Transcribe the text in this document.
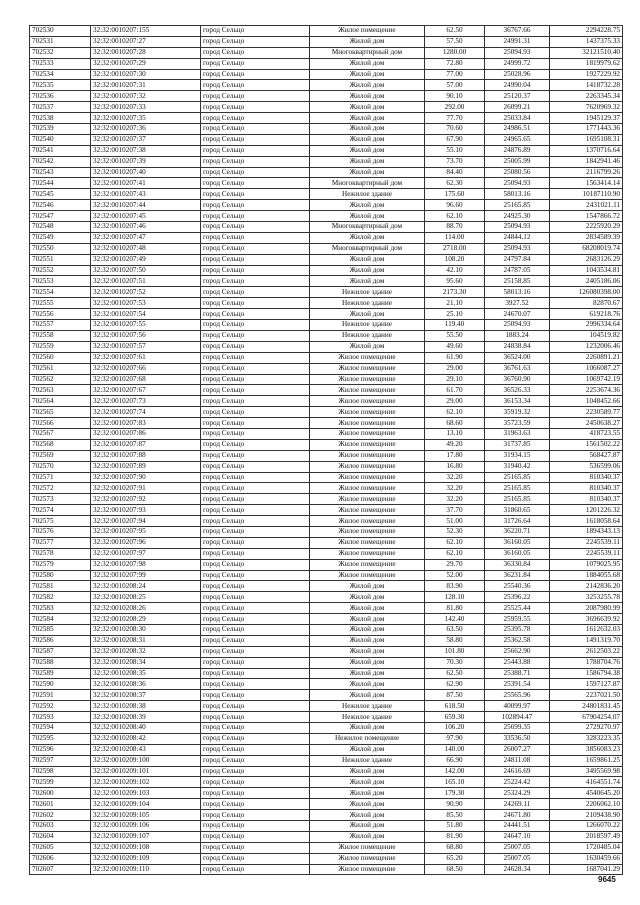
702530	32:32:0010207:155	город Сельцо	Жилое помещение	62.50	36767.66	2294228.75
702531	32:32:0010207:27	город Сельцо	Жилой дом	57.50	24991.31	1437375.33
702532	32:32:0010207:28	город Сельцо	Многоквартирный дом	1280.00	25094.93	32121510.40
702533	32:32:0010207:29	город Сельцо	Жилой дом	72.80	24999.72	1819979.62
702534	32:32:0010207:30	город Сельцо	Жилой дом	77.00	25028.96	1927229.92
702535	32:32:0010207:31	город Сельцо	Жилой дом	57.00	24990.04	1418732.28
702536	32:32:0010207:32	город Сельцо	Жилой дом	90.10	25120.37	2263345.34
702537	32:32:0010207:33	город Сельцо	Жилой дом	292.00	26099.21	7620969.32
702538	32:32:0010207:35	город Сельцо	Жилой дом	77.70	25033.84	1945129.37
702539	32:32:0010207:36	город Сельцо	Жилой дом	70.60	24986.51	1771443.36
702540	32:32:0010207:37	город Сельцо	Жилой дом	67.90	24965.65	1695108.31
702541	32:32:0010207:38	город Сельцо	Жилой дом	55.10	24876.89	1370716.64
702542	32:32:0010207:39	город Сельцо	Жилой дом	73.70	25005.99	1842941.46
702543	32:32:0010207:40	город Сельцо	Жилой дом	84.40	25080.56	2116799.26
702544	32:32:0010207:41	город Сельцо	Многоквартирный дом	62.30	25094.93	1563414.14
702545	32:32:0010207:43	город Сельцо	Нежилое здание	175.60	58013.16	10187110.90
702546	32:32:0010207:44	город Сельцо	Жилой дом	96.60	25165.85	2431021.11
702547	32:32:0010207:45	город Сельцо	Жилой дом	62.10	24925.30	1547866.72
702548	32:32:0010207:46	город Сельцо	Многоквартирный дом	88.70	25094.93	2225920.29
702549	32:32:0010207:47	город Сельцо	Жилой дом	114.00	24844.12	2834589.39
702550	32:32:0010207:48	город Сельцо	Многоквартирный дом	2718.00	25094.93	68208019.74
702551	32:32:0010207:49	город Сельцо	Жилой дом	108.20	24797.84	2683126.29
702552	32:32:0010207:50	город Сельцо	Жилой дом	42.10	24787.05	1043534.81
702553	32:32:0010207:51	город Сельцо	Жилой дом	95.60	25158.85	2405186.06
702554	32:32:0010207:52	город Сельцо	Нежилое здание	2173.30	58013.16	126080398.00
702555	32:32:0010207:53	город Сельцо	Нежилое здание	21.10	3927.52	82870.67
702556	32:32:0010207:54	город Сельцо	Жилой дом	25.10	24670.07	619218.76
702557	32:32:0010207:55	город Сельцо	Нежилое здание	119.40	25094.93	2996334.64
702558	32:32:0010207:56	город Сельцо	Нежилое здание	55.50	1883.24	104519.82
702559	32:32:0010207:57	город Сельцо	Жилой дом	49.60	24838.84	1232006.46
702560	32:32:0010207:61	город Сельцо	Жилое помещение	61.90	36524.00	2260891.21
702561	32:32:0010207:66	город Сельцо	Жилое помещение	29.00	36761.63	1066087.27
702562	32:32:0010207:68	город Сельцо	Жилое помещение	29.10	36760.90	1069742.19
702563	32:32:0010207:67	город Сельцо	Жилое помещение	61.70	36526.33	2253674.36
702564	32:32:0010207:73	город Сельцо	Жилое помещение	29.00	36153.34	1048452.66
702565	32:32:0010207:74	город Сельцо	Жилое помещение	62.10	35919.32	2230589.77
702566	32:32:0010207:83	город Сельцо	Жилое помещение	68.60	35723.59	2450638.27
702567	32:32:0010207:86	город Сельцо	Жилое помещение	13.10	31963.63	418723.55
702568	32:32:0010207:87	город Сельцо	Жилое помещение	49.20	31737.85	1561502.22
702569	32:32:0010207:88	город Сельцо	Жилое помещение	17.80	31934.15	568427.87
702570	32:32:0010207:89	город Сельцо	Жилое помещение	16.80	31940.42	536599.06
702571	32:32:0010207:90	город Сельцо	Жилое помещение	32.20	25165.85	810340.37
702572	32:32:0010207:91	город Сельцо	Жилое помещение	32.20	25165.85	810340.37
702573	32:32:0010207:92	город Сельцо	Жилое помещение	32.20	25165.85	810340.37
702574	32:32:0010207:93	город Сельцо	Жилое помещение	37.70	31860.65	1201226.32
702575	32:32:0010207:94	город Сельцо	Жилое помещение	51.00	31726.64	1618058.64
702576	32:32:0010207:95	город Сельцо	Жилое помещение	52.30	36220.71	1894343.13
702577	32:32:0010207:96	город Сельцо	Жилое помещение	62.10	36160.05	2245539.11
702578	32:32:0010207:97	город Сельцо	Жилое помещение	62.10	36160.05	2245539.11
702579	32:32:0010207:98	город Сельцо	Жилое помещение	29.70	36330.84	1079025.95
702580	32:32:0010207:99	город Сельцо	Жилое помещение	52.00	36231.84	1884055.68
702581	32:32:0010208:24	город Сельцо	Жилой дом	83.90	25540.36	2142836.20
702582	32:32:0010208:25	город Сельцо	Жилой дом	128.10	25396.22	3253255.78
702583	32:32:0010208:26	город Сельцо	Жилой дом	81.80	25525.44	2087980.99
702584	32:32:0010208:29	город Сельцо	Жилой дом	142.40	25959.55	3696639.92
702585	32:32:0010208:30	город Сельцо	Жилой дом	63.50	25395.78	1612632.03
702586	32:32:0010208:31	город Сельцо	Жилой дом	58.80	25362.58	1491319.70
702587	32:32:0010208:32	город Сельцо	Жилой дом	101.80	25662.90	2612503.22
702588	32:32:0010208:34	город Сельцо	Жилой дом	70.30	25443.88	1788704.76
702589	32:32:0010208:35	город Сельцо	Жилой дом	62.50	25388.71	1586794.38
702590	32:32:0010208:36	город Сельцо	Жилой дом	62.90	25391.54	1597127.87
702591	32:32:0010208:37	город Сельцо	Жилой дом	87.50	25565.96	2237021.50
702592	32:32:0010208:38	город Сельцо	Нежилое здание	618.50	40099.97	24801831.45
702593	32:32:0010208:39	город Сельцо	Нежилое здание	659.30	102894.47	67904254.07
702594	32:32:0010208:40	город Сельцо	Жилой дом	106.20	25699.35	2729270.97
702595	32:32:0010208:42	город Сельцо	Нежилое помещение	97.90	33536.50	3283223.35
702596	32:32:0010208:43	город Сельцо	Жилой дом	140.00	26007.27	3856083.23
702597	32:32:0010209:100	город Сельцо	Нежилое здание	66.90	24811.08	1659861.25
702598	32:32:0010209:101	город Сельцо	Жилой дом	142.00	24616.69	3495569.98
702599	32:32:0010209:102	город Сельцо	Жилой дом	165.10	25224.42	4164551.74
702600	32:32:0010209:103	город Сельцо	Жилой дом	179.30	25324.29	4540645.20
702601	32:32:0010209:104	город Сельцо	Жилой дом	90.90	24269.11	2206062.10
702602	32:32:0010209:105	город Сельцо	Жилой дом	85.50	24671.80	2109438.90
702603	32:32:0010209:106	город Сельцо	Жилой дом	51.80	24441.51	1266070.22
702604	32:32:0010209:107	город Сельцо	Жилой дом	81.90	24647.10	2018597.49
702605	32:32:0010209:108	город Сельцо	Жилое помещение	68.80	25007.05	1720485.04
702606	32:32:0010209:109	город Сельцо	Жилое помещение	65.20	25007.05	1630459.66
702607	32:32:0010209:110	город Сельцо	Жилое помещение	68.50	24628.34	1687041.29
9645
